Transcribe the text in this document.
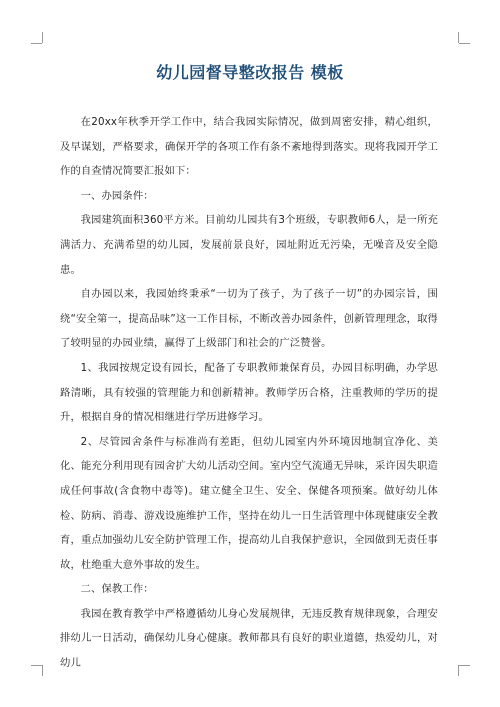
幼儿园督导整改报告 模板

在20xx年秋季开学工作中，结合我园实际情况，做到周密安排，精心组织，及早谋划，严格要求，确保开学的各项工作有条不紊地得到落实。现将我园开学工作的自查情况简要汇报如下：

一、办园条件：

我园建筑面积360平方米。目前幼儿园共有3个班级，专职教师6人，是一所充满活力、充满希望的幼儿园，发展前景良好，园址附近无污染，无噪音及安全隐患。

自办园以来，我园始终秉承“一切为了孩子，为了孩子一切”的办园宗旨，围绕“安全第一，提高品味”这一工作目标，不断改善办园条件，创新管理理念，取得了较明显的办园业绩，赢得了上级部门和社会的广泛赞誉。

1、我园按规定设有园长，配备了专职教师兼保育员，办园目标明确，办学思路清晰，具有较强的管理能力和创新精神。教师学历合格，注重教师的学历的提升，根据自身的情况相继进行学历进修学习。

2、尽管园舍条件与标准尚有差距，但幼儿园室内外环境因地制宜净化、美化、能充分利用现有园舍扩大幼儿活动空间。室内空气流通无异味，采许因失职造成任何事故(含食物中毒等)。建立健全卫生、安全、保健各项预案。做好幼儿体检、防病、消毒、游戏设施维护工作，坚持在幼儿一日生活管理中体现健康安全教育，重点加强幼儿安全防护管理工作，提高幼儿自我保护意识，全园做到无责任事故，杜绝重大意外事故的发生。

二、保教工作：

我园在教育教学中严格遵循幼儿身心发展规律，无违反教育规律现象，合理安排幼儿一日活动，确保幼儿身心健康。教师都具有良好的职业道德，热爱幼儿，对幼儿
